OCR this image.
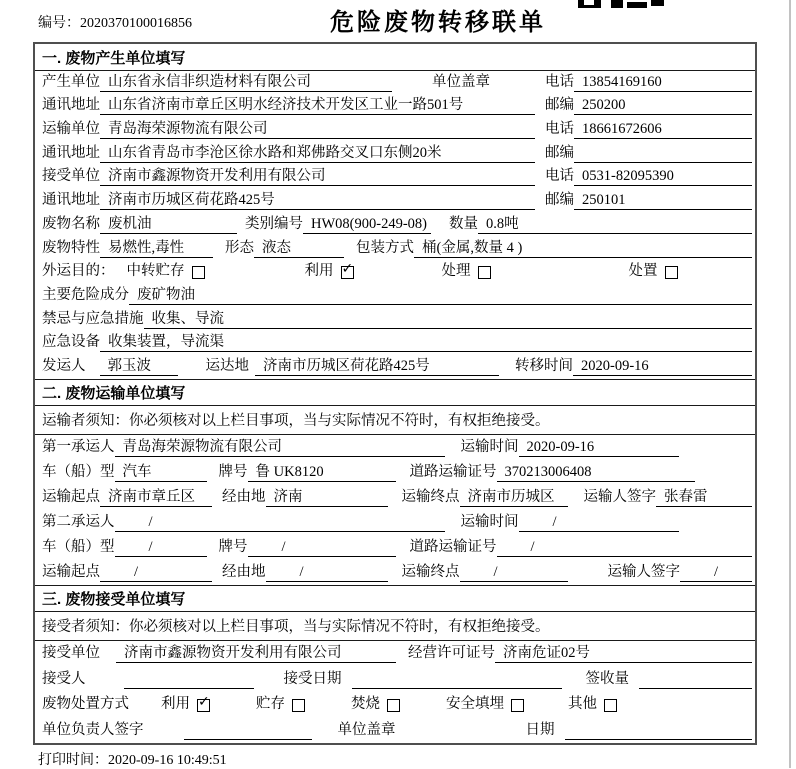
编号：2020370100016856	危险废物转移联单
一. 废物产生单位填写
产生单位 山东省永信非织造材料有限公司	单位盖章	电话 13854169160
通讯地址 山东省济南市章丘区明水经济技术开发区工业一路501号	邮编 250200
运输单位 青岛海荣源物流有限公司	电话 18661672606
通讯地址 山东省青岛市李沧区徐水路和郑佛路交叉口东侧20米	邮编
接受单位 济南市鑫源物资开发利用有限公司	电话 0531-82095390
通讯地址 济南市历城区荷花路425号	邮编 250101
废物名称 废机油	类别编号 HW08(900-249-08) 数量 0.8吨
废物特性 易燃性,毒性	形态 液态	包装方式 桶(金属,数量 4 )
外运目的： 中转贮存	利用 ✓	处理	处置
主要危险成分 废矿物油
禁忌与应急措施 收集、导流
应急设备 收集装置，导流渠
发运人	郭玉波	运达地 济南市历城区荷花路425号	转移时间 2020-09-16
二. 废物运输单位填写
运输者须知：你必须核对以上栏目事项，当与实际情况不符时，有权拒绝接受。
第一承运人 青岛海荣源物流有限公司	运输时间 2020-09-16
车（船）型 汽车	牌号 鲁 UK8120	道路运输证号 370213006408
运输起点 济南市章丘区	经由地 济南	运输终点 济南市历城区	运输人签字 张春雷
第二承运人	/	运输时间	/
车（船）型	/	牌号	/	道路运输证号	/
运输起点	/	经由地	/	运输终点	/	运输人签字	/
三. 废物接受单位填写
接受者须知：你必须核对以上栏目事项，当与实际情况不符时，有权拒绝接受。
接受单位	济南市鑫源物资开发利用有限公司	经营许可证号 济南危证02号
接受人	接受日期	签收量
废物处置方式 利用 ✓	贮存	焚烧	安全填埋	其他
单位负责人签字	单位盖章	日期
打印时间：2020-09-16 10:49:51
